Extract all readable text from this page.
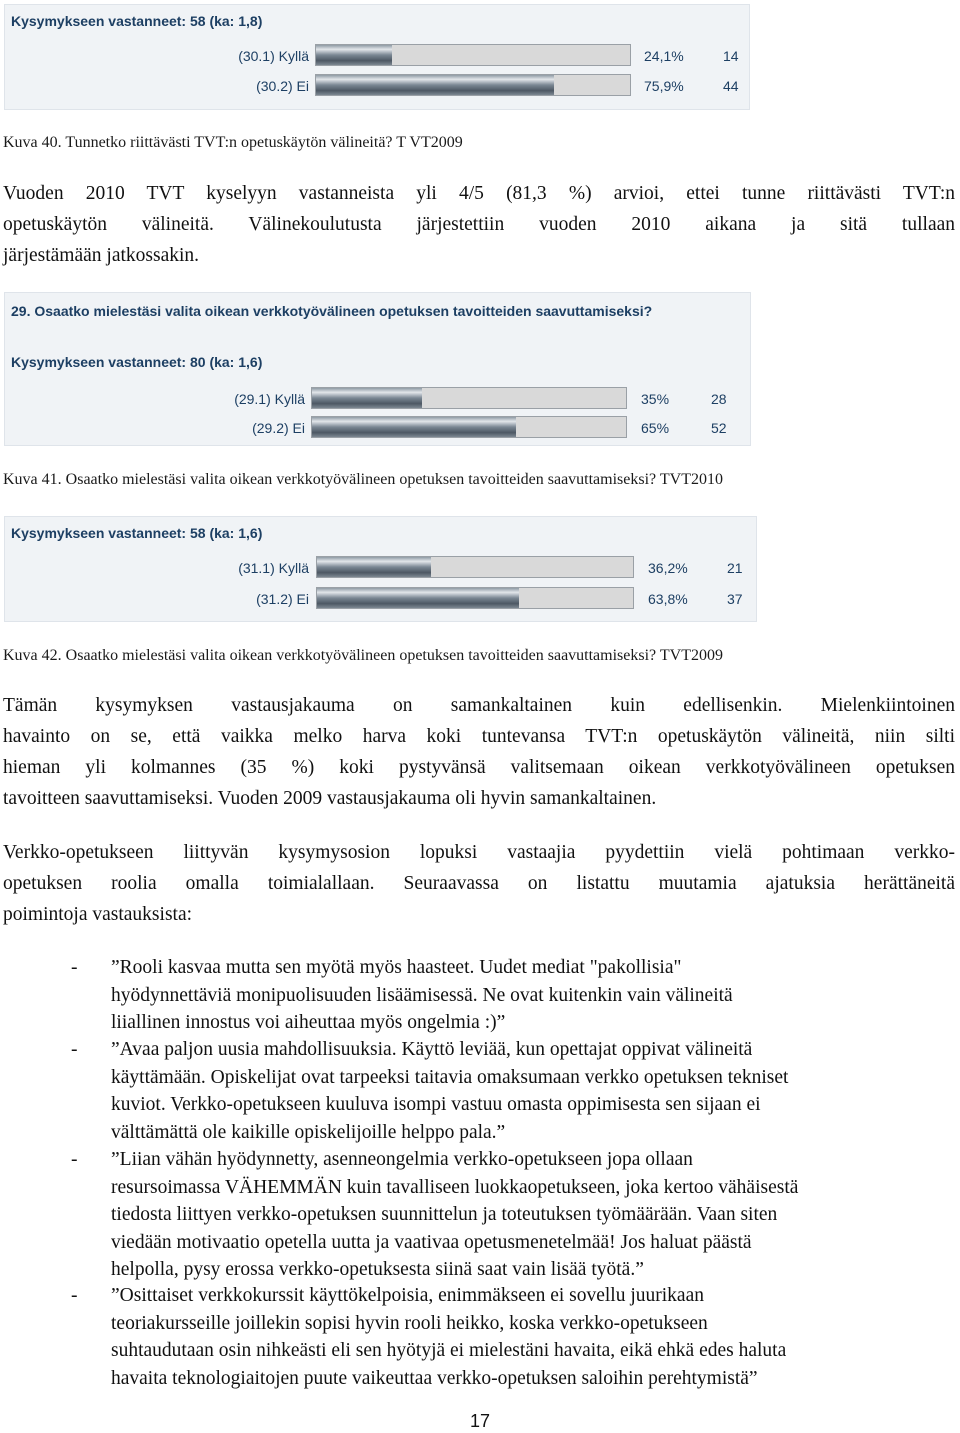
Kysymykseen vastanneet: 58 (ka: 1,8)
(30.1) Kyllä	24,1%	14
(30.2) Ei	75,9%	44
Kuva 40. Tunnetko riittävästi TVT:n opetuskäytön välineitä? T VT2009
Vuoden 2010 TVT kyselyyn vastanneista yli 4/5 (81,3 %) arvioi, ettei tunne riittävästi TVT:n
opetuskäytön välineitä. Välinekoulutusta järjestettiin vuoden 2010 aikana ja sitä tullaan
järjestämään jatkossakin.
29. Osaatko mielestäsi valita oikean verkkotyövälineen opetuksen tavoitteiden saavuttamiseksi?
Kysymykseen vastanneet: 80 (ka: 1,6)
(29.1) Kyllä	35%	28
(29.2) Ei	65%	52
Kuva 41. Osaatko mielestäsi valita oikean verkkotyövälineen opetuksen tavoitteiden saavuttamiseksi? TVT2010
Kysymykseen vastanneet: 58 (ka: 1,6)
(31.1) Kyllä	36,2%	21
(31.2) Ei	63,8%	37
Kuva 42. Osaatko mielestäsi valita oikean verkkotyövälineen opetuksen tavoitteiden saavuttamiseksi? TVT2009
Tämän kysymyksen vastausjakauma on samankaltainen kuin edellisenkin. Mielenkiintoinen
havainto on se, että vaikka melko harva koki tuntevansa TVT:n opetuskäytön välineitä, niin silti
hieman yli kolmannes (35 %) koki pystyvänsä valitsemaan oikean verkkotyövälineen opetuksen
tavoitteen saavuttamiseksi. Vuoden 2009 vastausjakauma oli hyvin samankaltainen.
Verkko-opetukseen liittyvän kysymysosion lopuksi vastaajia pyydettiin vielä pohtimaan verkko-
opetuksen roolia omalla toimialallaan. Seuraavassa on listattu muutamia ajatuksia herättäneitä
poimintoja vastauksista:
- ”Rooli kasvaa mutta sen myötä myös haasteet. Uudet mediat "pakollisia"
hyödynnettäviä monipuolisuuden lisäämisessä. Ne ovat kuitenkin vain välineitä
liiallinen innostus voi aiheuttaa myös ongelmia :)”
- ”Avaa paljon uusia mahdollisuuksia. Käyttö leviää, kun opettajat oppivat välineitä
käyttämään. Opiskelijat ovat tarpeeksi taitavia omaksumaan verkko opetuksen tekniset
kuviot. Verkko-opetukseen kuuluva isompi vastuu omasta oppimisesta sen sijaan ei
välttämättä ole kaikille opiskelijoille helppo pala.”
- ”Liian vähän hyödynnetty, asenneongelmia verkko-opetukseen jopa ollaan
resursoimassa VÄHEMMÄN kuin tavalliseen luokkaopetukseen, joka kertoo vähäisestä
tiedosta liittyen verkko-opetuksen suunnittelun ja toteutuksen työmäärään. Vaan siten
viedään motivaatio opetella uutta ja vaativaa opetusmenetelmää! Jos haluat päästä
helpolla, pysy erossa verkko-opetuksesta siinä saat vain lisää työtä.”
- ”Osittaiset verkkokurssit käyttökelpoisia, enimmäkseen ei sovellu juurikaan
teoriakursseille joillekin sopisi hyvin rooli heikko, koska verkko-opetukseen
suhtaudutaan osin nihkeästi eli sen hyötyjä ei mielestäni havaita, eikä ehkä edes haluta
havaita teknologiaitojen puute vaikeuttaa verkko-opetuksen saloihin perehtymistä”
17
